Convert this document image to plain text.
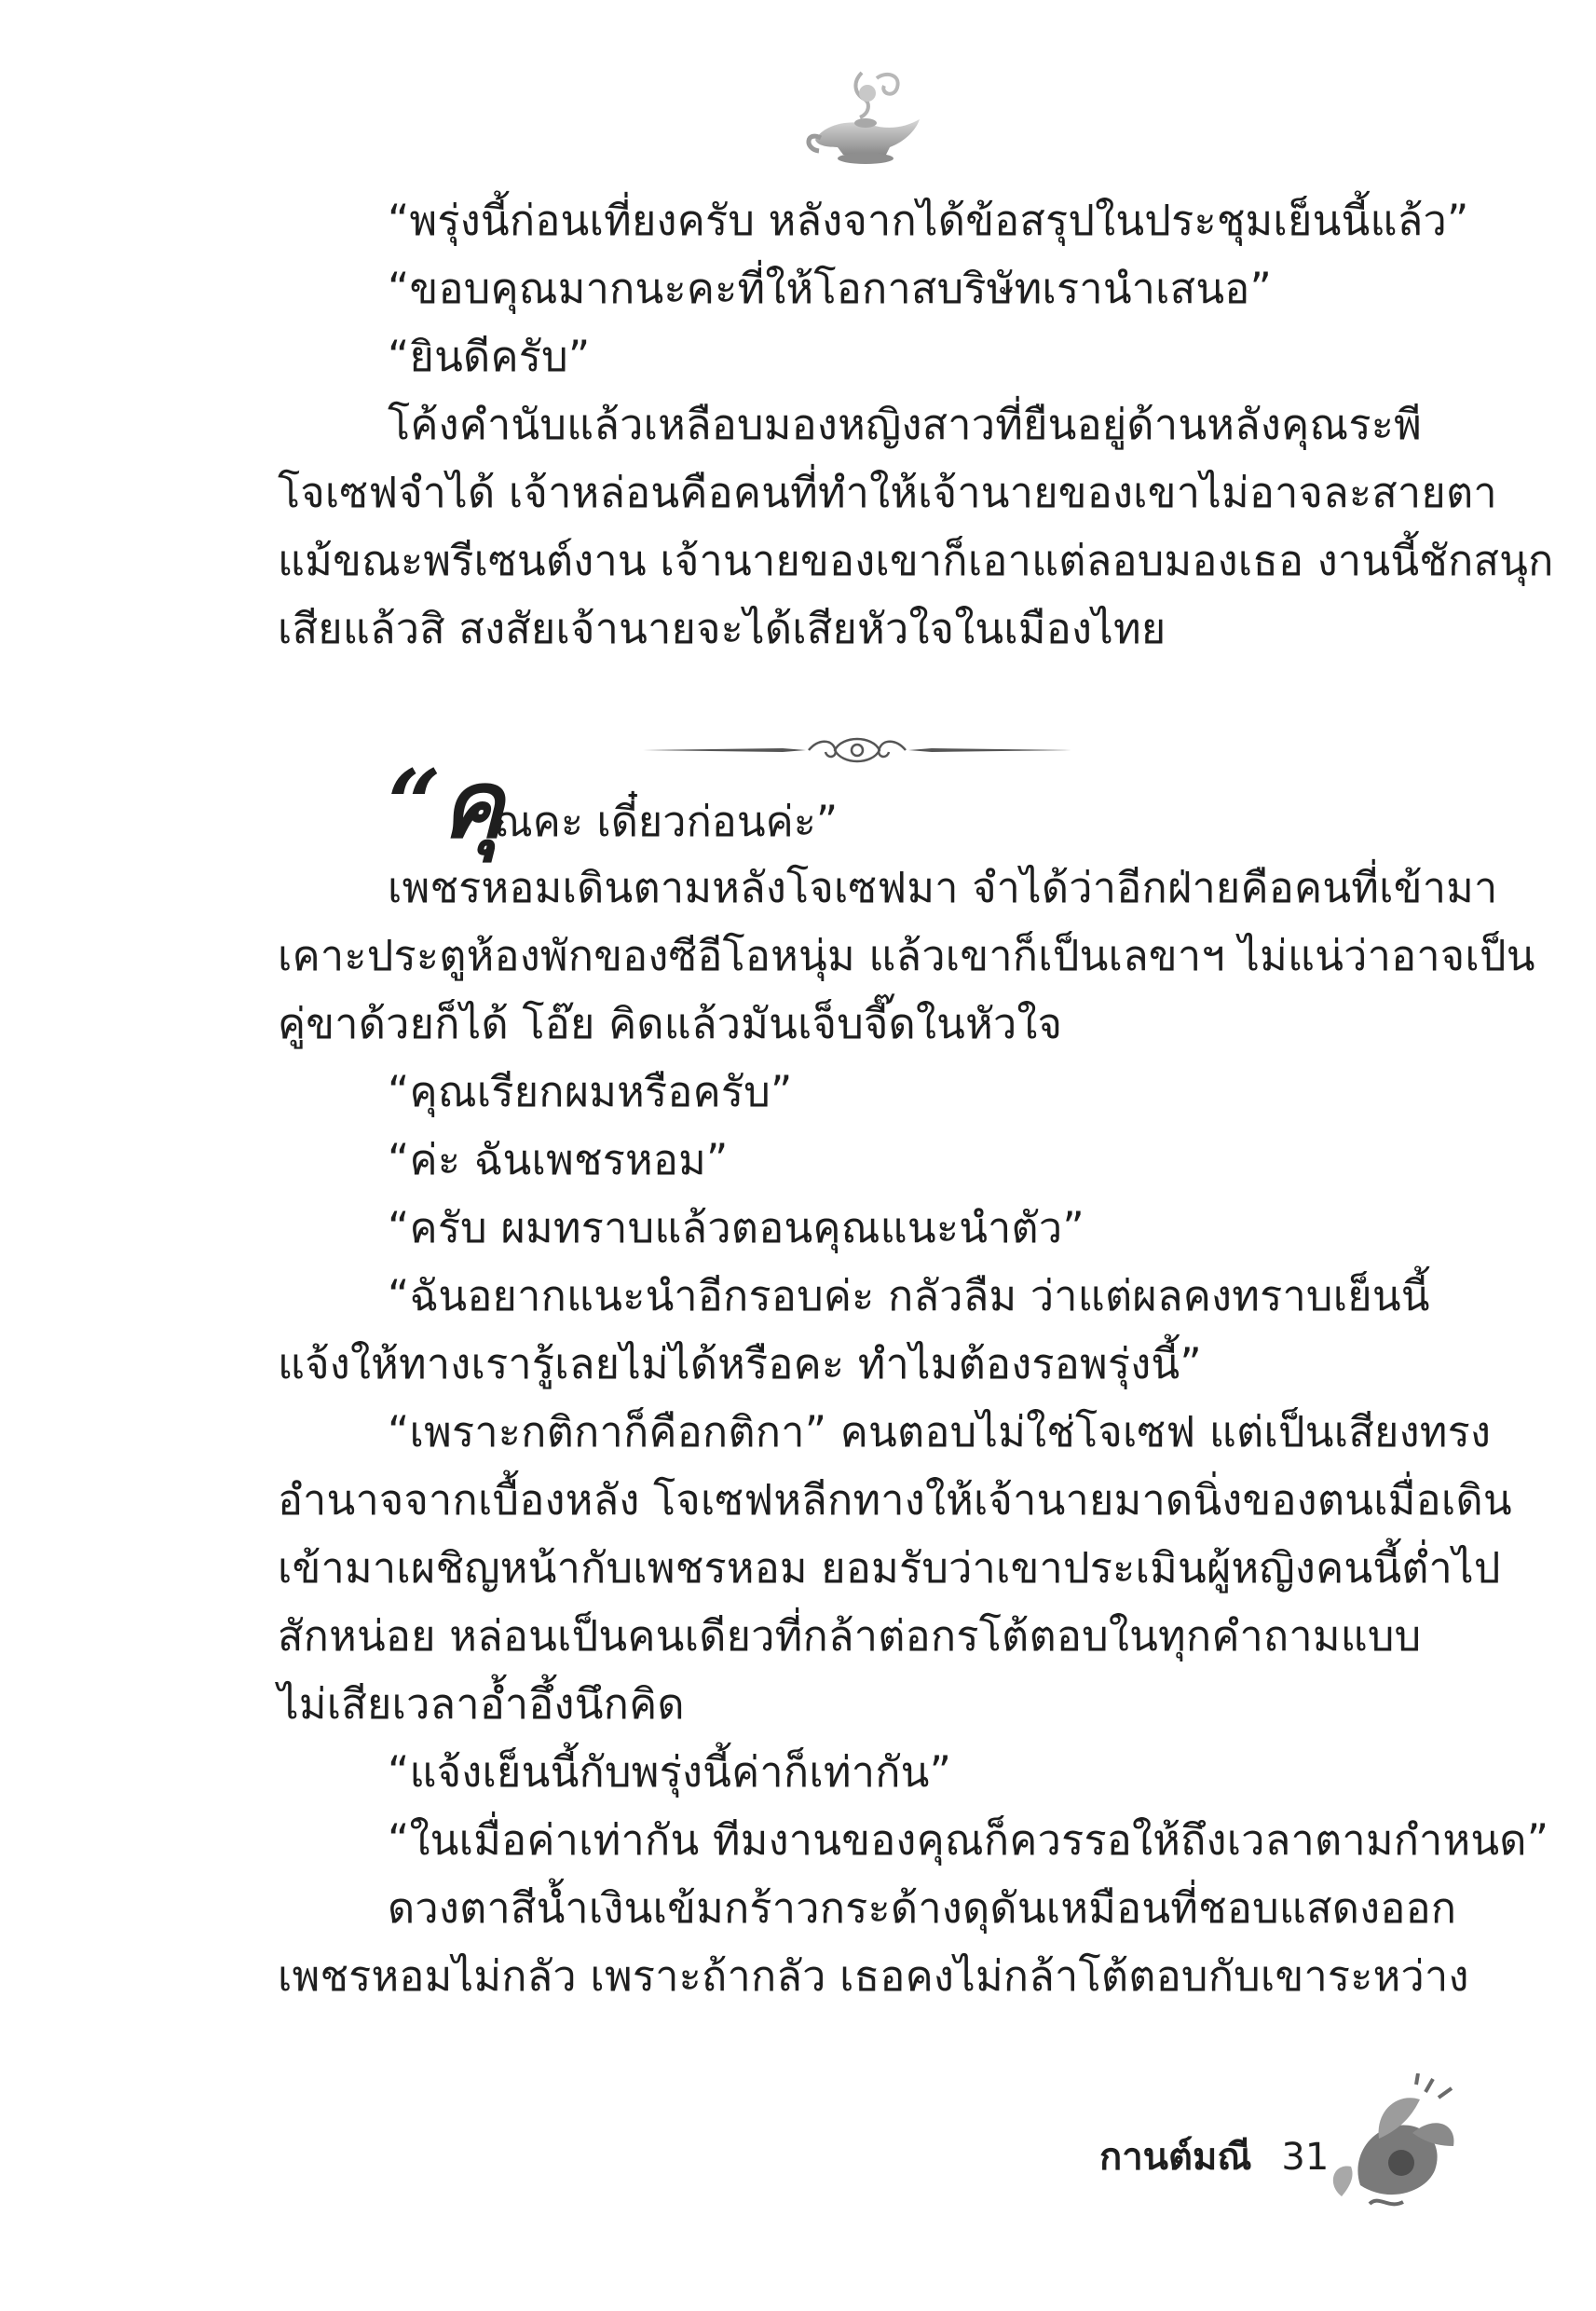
“พรุ่งนี้ก่อนเที่ยงครับ หลังจากได้ข้อสรุปในประชุมเย็นนี้แล้ว”
“ขอบคุณมากนะคะที่ให้โอกาสบริษัทเรานำเสนอ”
“ยินดีครับ”
โค้งคำนับแล้วเหลือบมองหญิงสาวที่ยืนอยู่ด้านหลังคุณระพี
โจเซฟจำได้ เจ้าหล่อนคือคนที่ทำให้เจ้านายของเขาไม่อาจละสายตา
แม้ขณะพรีเซนต์งาน เจ้านายของเขาก็เอาแต่ลอบมองเธอ งานนี้ชักสนุก
เสียแล้วสิ สงสัยเจ้านายจะได้เสียหัวใจในเมืองไทย
“คุ
ณคะ เดี๋ยวก่อนค่ะ”
เพชรหอมเดินตามหลังโจเซฟมา จำได้ว่าอีกฝ่ายคือคนที่เข้ามา
เคาะประตูห้องพักของซีอีโอหนุ่ม แล้วเขาก็เป็นเลขาฯ ไม่แน่ว่าอาจเป็น
คู่ขาด้วยก็ได้ โอ๊ย คิดแล้วมันเจ็บจี๊ดในหัวใจ
“คุณเรียกผมหรือครับ”
“ค่ะ ฉันเพชรหอม”
“ครับ ผมทราบแล้วตอนคุณแนะนำตัว”
“ฉันอยากแนะนำอีกรอบค่ะ กลัวลืม ว่าแต่ผลคงทราบเย็นนี้
แจ้งให้ทางเรารู้เลยไม่ได้หรือคะ ทำไมต้องรอพรุ่งนี้”
“เพราะกติกาก็คือกติกา” คนตอบไม่ใช่โจเซฟ แต่เป็นเสียงทรง
อำนาจจากเบื้องหลัง โจเซฟหลีกทางให้เจ้านายมาดนิ่งของตนเมื่อเดิน
เข้ามาเผชิญหน้ากับเพชรหอม ยอมรับว่าเขาประเมินผู้หญิงคนนี้ต่ำไป
สักหน่อย หล่อนเป็นคนเดียวที่กล้าต่อกรโต้ตอบในทุกคำถามแบบ
ไม่เสียเวลาอ้ำอึ้งนึกคิด
“แจ้งเย็นนี้กับพรุ่งนี้ค่าก็เท่ากัน”
“ในเมื่อค่าเท่ากัน ทีมงานของคุณก็ควรรอให้ถึงเวลาตามกำหนด”
ดวงตาสีน้ำเงินเข้มกร้าวกระด้างดุดันเหมือนที่ชอบแสดงออก
เพชรหอมไม่กลัว เพราะถ้ากลัว เธอคงไม่กล้าโต้ตอบกับเขาระหว่าง
กานต์มณี 31
